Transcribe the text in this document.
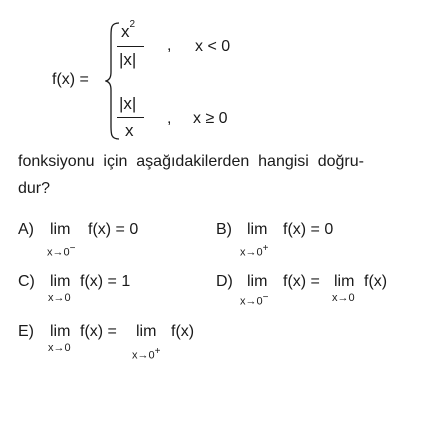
f(x) =
$x^2$
|x|
, x < 0
|x|
x
, x ≥ 0
fonksiyonu  için  aşağıdakilerden  hangisi  doğru-
dur?
A) lim f(x) = 0
x→0−
B) lim f(x) = 0
x→0+
C) lim f(x) = 1
x→0
D) lim f(x) = lim f(x)
x→0−	x→0
E) lim f(x) = lim f(x)
x→0
x→0+
